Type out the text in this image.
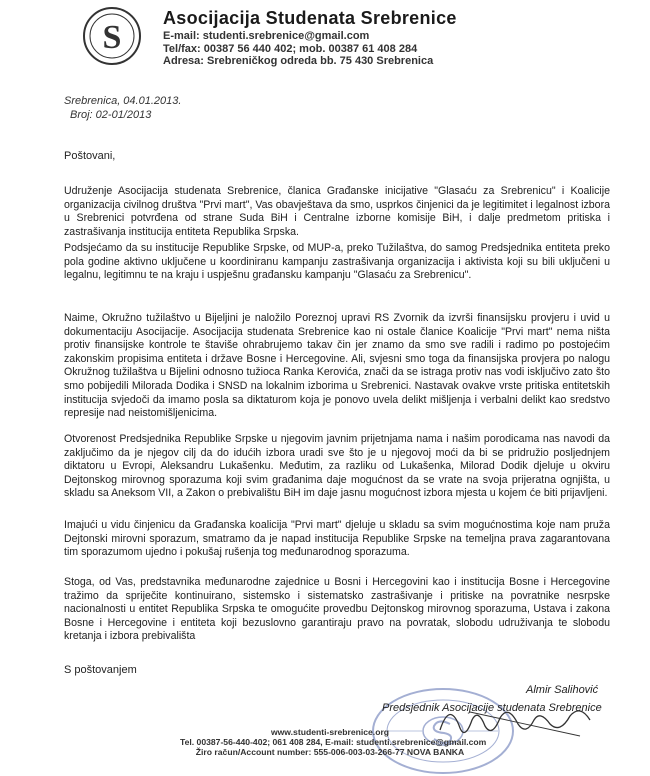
S
Asocijacija Studenata Srebrenice
E-mail: studenti.srebrenice@gmail.com
Tel/fax: 00387 56 440 402; mob. 00387 61 408 284
Adresa: Srebreničkog odreda bb. 75 430 Srebrenica
Srebrenica, 04.01.2013.
Broj: 02-01/2013
Poštovani,

Udruženje Asocijacija studenata Srebrenice, članica Građanske inicijative "Glasaću za Srebrenicu" i Koalicije organizacija civilnog društva "Prvi mart", Vas obavještava da smo, usprkos činjenici da je legitimitet i legalnost izbora u Srebrenici potvrđena od strane Suda BiH i Centralne izborne komisije BiH, i dalje predmetom pritiska i zastrašivanja institucija entiteta Republika Srpska.

Podsjećamo da su institucije Republike Srpske, od MUP-a, preko Tužilaštva, do samog Predsjednika entiteta preko pola godine aktivno uključene u koordiniranu kampanju zastrašivanja organizacija i aktivista koji su bili uključeni u legalnu, legitimnu te na kraju i uspješnu građansku kampanju "Glasaću za Srebrenicu".

Naime, Okružno tužilaštvo u Bijeljini je naložilo Poreznoj upravi RS Zvornik da izvrši finansijsku provjeru i uvid u dokumentaciju Asocijacije. Asocijacija studenata Srebrenice kao ni ostale članice Koalicije "Prvi mart" nema ništa protiv finansijske kontrole te štaviše ohrabrujemo takav čin jer znamo da smo sve radili i radimo po postojećim zakonskim propisima entiteta i države Bosne i Hercegovine. Ali, svjesni smo toga da finansijska provjera po nalogu Okružnog tužilaštva u Bijelini odnosno tužioca Ranka Kerovića, znači da se istraga protiv nas vodi isključivo zato što smo pobijedili Milorada Dodika i SNSD na lokalnim izborima u Srebrenici. Nastavak ovakve vrste pritiska entitetskih institucija svjedoči da imamo posla sa diktaturom koja je ponovo uvela delikt mišljenja i verbalni delikt kao sredstvo represije nad neistomišljenicima.

Otvorenost Predsjednika Republike Srpske u njegovim javnim prijetnjama nama i našim porodicama nas navodi da zaključimo da je njegov cilj da do idućih izbora uradi sve što je u njegovoj moći da bi se pridružio posljednjem diktatoru u Evropi, Aleksandru Lukašenku. Međutim, za razliku od Lukašenka, Milorad Dodik djeluje u okviru Dejtonskog mirovnog sporazuma koji svim građanima daje mogućnost da se vrate na svoja prijeratna ognjišta, u skladu sa Aneksom VII, a Zakon o prebivalištu BiH im daje jasnu mogućnost izbora mjesta u kojem će biti prijavljeni.

Imajući u vidu činjenicu da Građanska koalicija "Prvi mart" djeluje u skladu sa svim mogućnostima koje nam pruža Dejtonski mirovni sporazum, smatramo da je napad institucija Republike Srpske na temeljna prava zagarantovana tim sporazumom ujedno i pokušaj rušenja tog međunarodnog sporazuma.

Stoga, od Vas, predstavnika međunarodne zajednice u Bosni i Hercegovini kao i institucija Bosne i Hercegovine tražimo da spriječite kontinuirano, sistemsko i sistematsko zastrašivanje i pritiske na povratnike nesrpske nacionalnosti u entitet Republika Srpska te omogućite provedbu Dejtonskog mirovnog sporazuma, Ustava i zakona Bosne i Hercegovine i entiteta koji bezuslovno garantiraju pravo na povratak, slobodu udruživanja te slobodu kretanja i izbora prebivališta

S poštovanjem
Almir Salihović
Predsjednik Asocijacije studenata Srebrenice
www.studenti-srebrenice.org
Tel. 00387-56-440-402; 061 408 284, E-mail: studenti.srebrenice@gmail.com
Žiro račun/Account number: 555-006-003-03-266-77 NOVA BANKA
